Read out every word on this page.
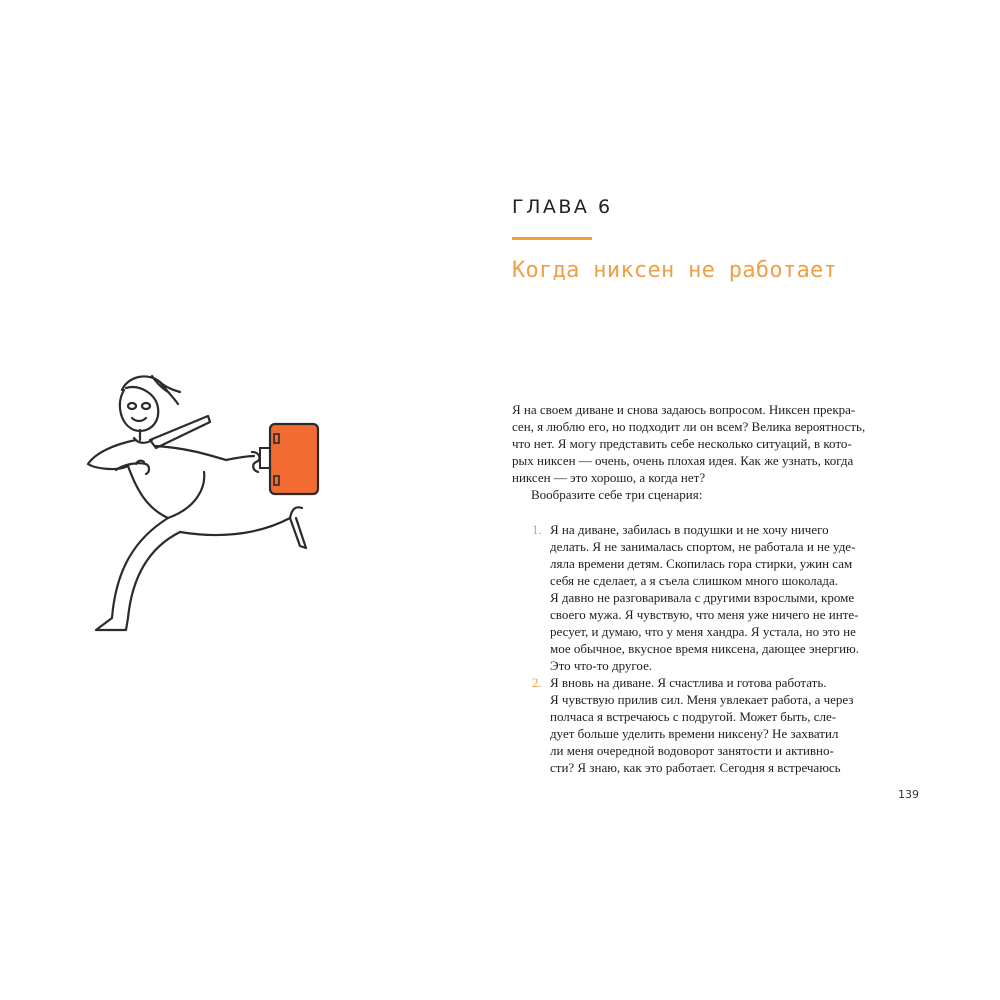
ГЛАВА 6
Когда никсен не работает

Я на своем диване и снова задаюсь вопросом. Никсен прекра-

сен, я люблю его, но подходит ли он всем? Велика вероятность,

что нет. Я могу представить себе несколько ситуаций, в кото-

рых никсен — очень, очень плохая идея. Как же узнать, когда

никсен — это хорошо, а когда нет?

Вообразите себе три сценария:

1. Я на диване, забилась в подушки и не хочу ничего

делать. Я не занималась спортом, не работала и не уде-

ляла времени детям. Скопилась гора стирки, ужин сам

себя не сделает, а я съела слишком много шоколада.

Я давно не разговаривала с другими взрослыми, кроме

своего мужа. Я чувствую, что меня уже ничего не инте-

ресует, и думаю, что у меня хандра. Я устала, но это не

мое обычное, вкусное время никсена, дающее энергию.

Это что-то другое.

2. Я вновь на диване. Я счастлива и готова работать.

Я чувствую прилив сил. Меня увлекает работа, а через

полчаса я встречаюсь с подругой. Может быть, сле-

дует больше уделить времени никсену? Не захватил

ли меня очередной водоворот занятости и активно-

сти? Я знаю, как это работает. Сегодня я встречаюсь

139
